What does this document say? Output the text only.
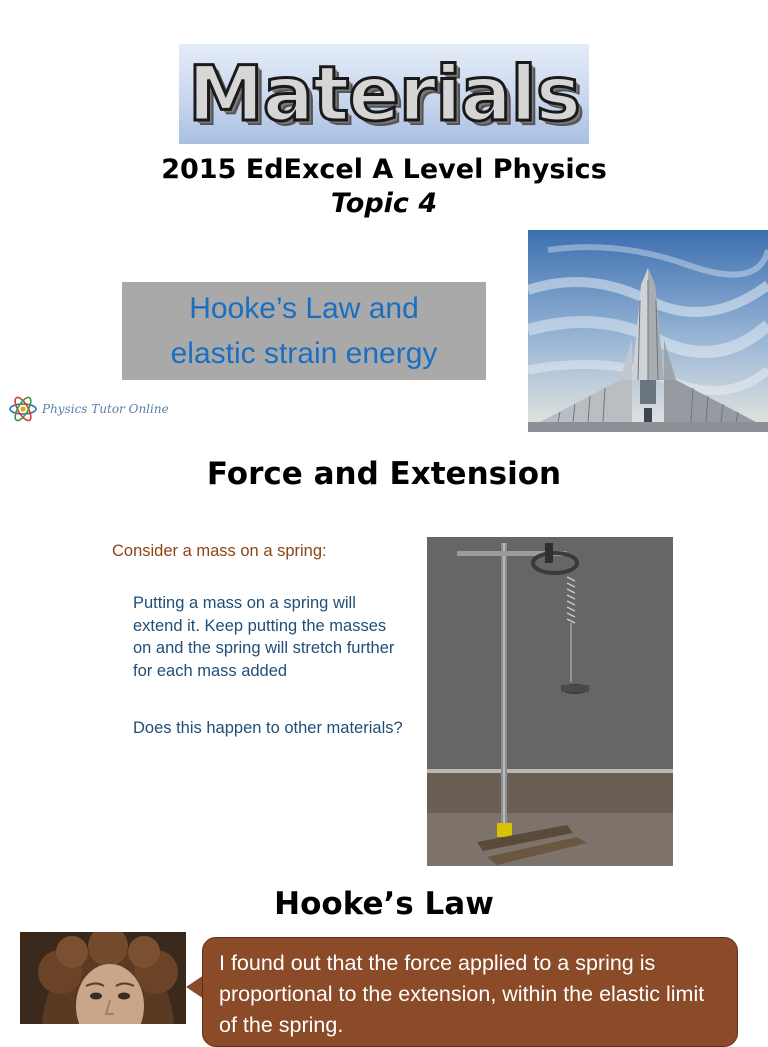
Materials
2015 EdExcel A Level Physics
Topic 4
Hooke’s Law and
elastic strain energy
Physics Tutor Online
Force and Extension
Consider a mass on a spring:
Putting a mass on a spring will extend it. Keep putting the masses on and the spring will stretch further for each mass added
Does this happen to other materials?
Hooke’s Law
I found out that the force applied to a spring is proportional to the extension, within the elastic limit of the spring.
